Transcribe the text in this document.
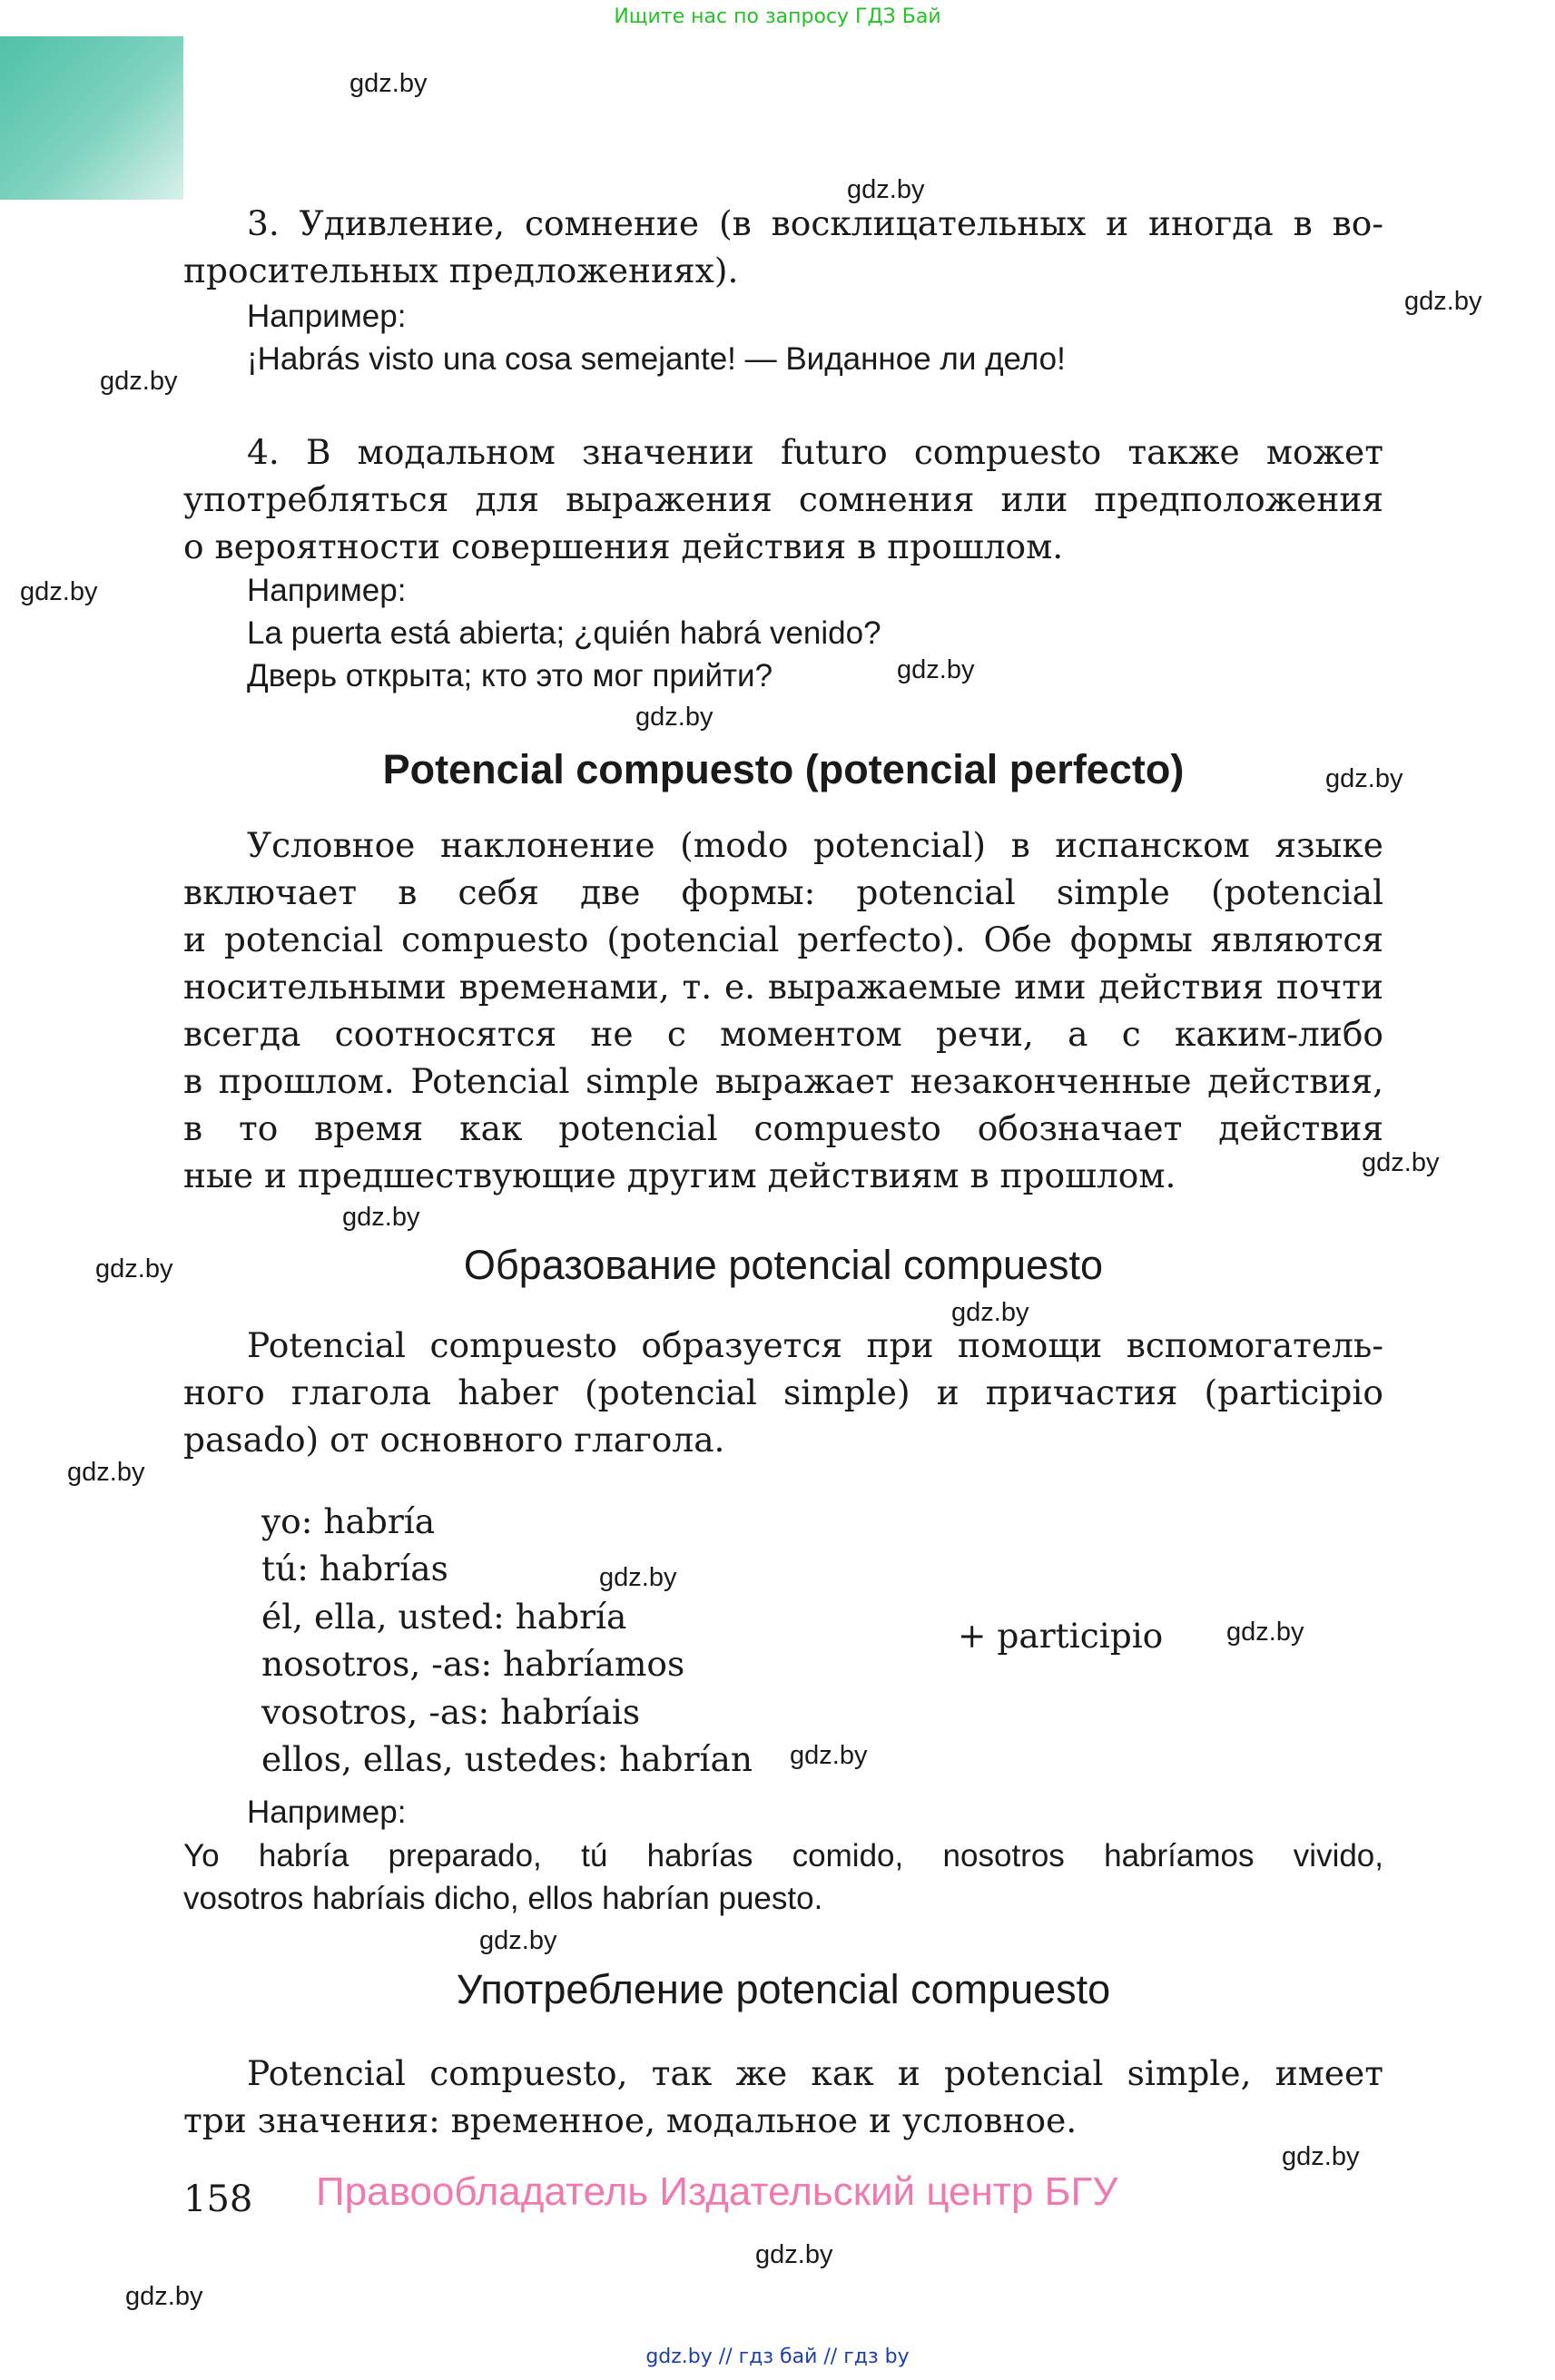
Ищите нас по запросу ГДЗ Бай
gdz.by
gdz.by
gdz.by
gdz.by
gdz.by
gdz.by
gdz.by
gdz.by
gdz.by
gdz.by
gdz.by
gdz.by
gdz.by
gdz.by
gdz.by
gdz.by
gdz.by
gdz.by
gdz.by
gdz.by
3. Удивление, сомнение (в восклицательных и иногда в во-
просительных предложениях).
Например:
¡Habrás visto una cosa semejante! — Виданное ли дело!
4. В модальном значении futuro compuesto также может
употребляться для выражения сомнения или предположения
о вероятности совершения действия в прошлом.
Например:
La puerta está abierta; ¿quién habrá venido?
Дверь открыта; кто это мог прийти?
Potencial compuesto (potencial perfecto)
Условное наклонение (modo potencial) в испанском языке
включает в себя две формы: potencial simple (potencial
и potencial compuesto (potencial perfecto). Обе формы являются
носительными временами, т. е. выражаемые ими действия почти
всегда соотносятся не с моментом речи, а с каким-либо
в прошлом. Potencial simple выражает незаконченные действия,
в то время как potencial compuesto обозначает действия
ные и предшествующие другим действиям в прошлом.
Образование potencial compuesto
Potencial compuesto образуется при помощи вспомогатель-
ного глагола haber (potencial simple) и причастия (participio
pasado) от основного глагола.
yo: habría
tú: habrías
él, ella, usted: habría
nosotros, -as: habríamos
vosotros, -as: habríais
ellos, ellas, ustedes: habrían
+ participio
Например:
Yo habría preparado, tú habrías comido, nosotros habríamos vivido,
vosotros habríais dicho, ellos habrían puesto.
Употребление potencial compuesto
Potencial compuesto, так же как и potencial simple, имеет
три значения: временное, модальное и условное.
158 Правообладатель Издательский центр БГУ
gdz.by // гдз бай // гдз by
